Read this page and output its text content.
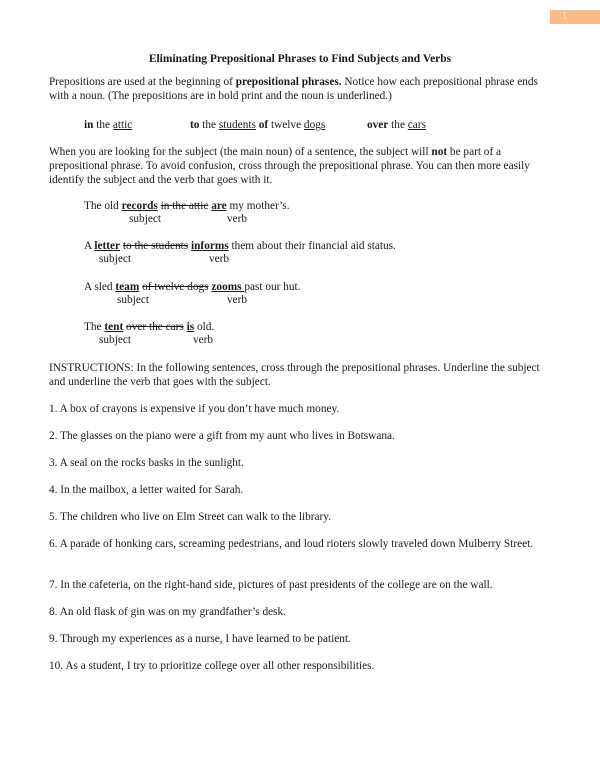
1
Eliminating Prepositional Phrases to Find Subjects and Verbs
Prepositions are used at the beginning of prepositional phrases. Notice how each prepositional phrase ends with a noun. (The prepositions are in bold print and the noun is underlined.)
in the attic	to the students of twelve dogs	over the cars
When you are looking for the subject (the main noun) of a sentence, the subject will not be part of a prepositional phrase. To avoid confusion, cross through the prepositional phrase. You can then more easily identify the subject and the verb that goes with it.
The old records in the attic are my mother’s.
subject	verb
A letter to the students informs them about their financial aid status.
subject	verb
A sled team of twelve dogs zooms past our hut.
subject	verb
The tent over the cars is old.
subject	verb
INSTRUCTIONS: In the following sentences, cross through the prepositional phrases. Underline the subject and underline the verb that goes with the subject.
1. A box of crayons is expensive if you don’t have much money.
2. The glasses on the piano were a gift from my aunt who lives in Botswana.
3. A seal on the rocks basks in the sunlight.
4. In the mailbox, a letter waited for Sarah.
5. The children who live on Elm Street can walk to the library.
6. A parade of honking cars, screaming pedestrians, and loud rioters slowly traveled down Mulberry Street.
7. In the cafeteria, on the right-hand side, pictures of past presidents of the college are on the wall.
8. An old flask of gin was on my grandfather’s desk.
9. Through my experiences as a nurse, I have learned to be patient.
10. As a student, I try to prioritize college over all other responsibilities.
